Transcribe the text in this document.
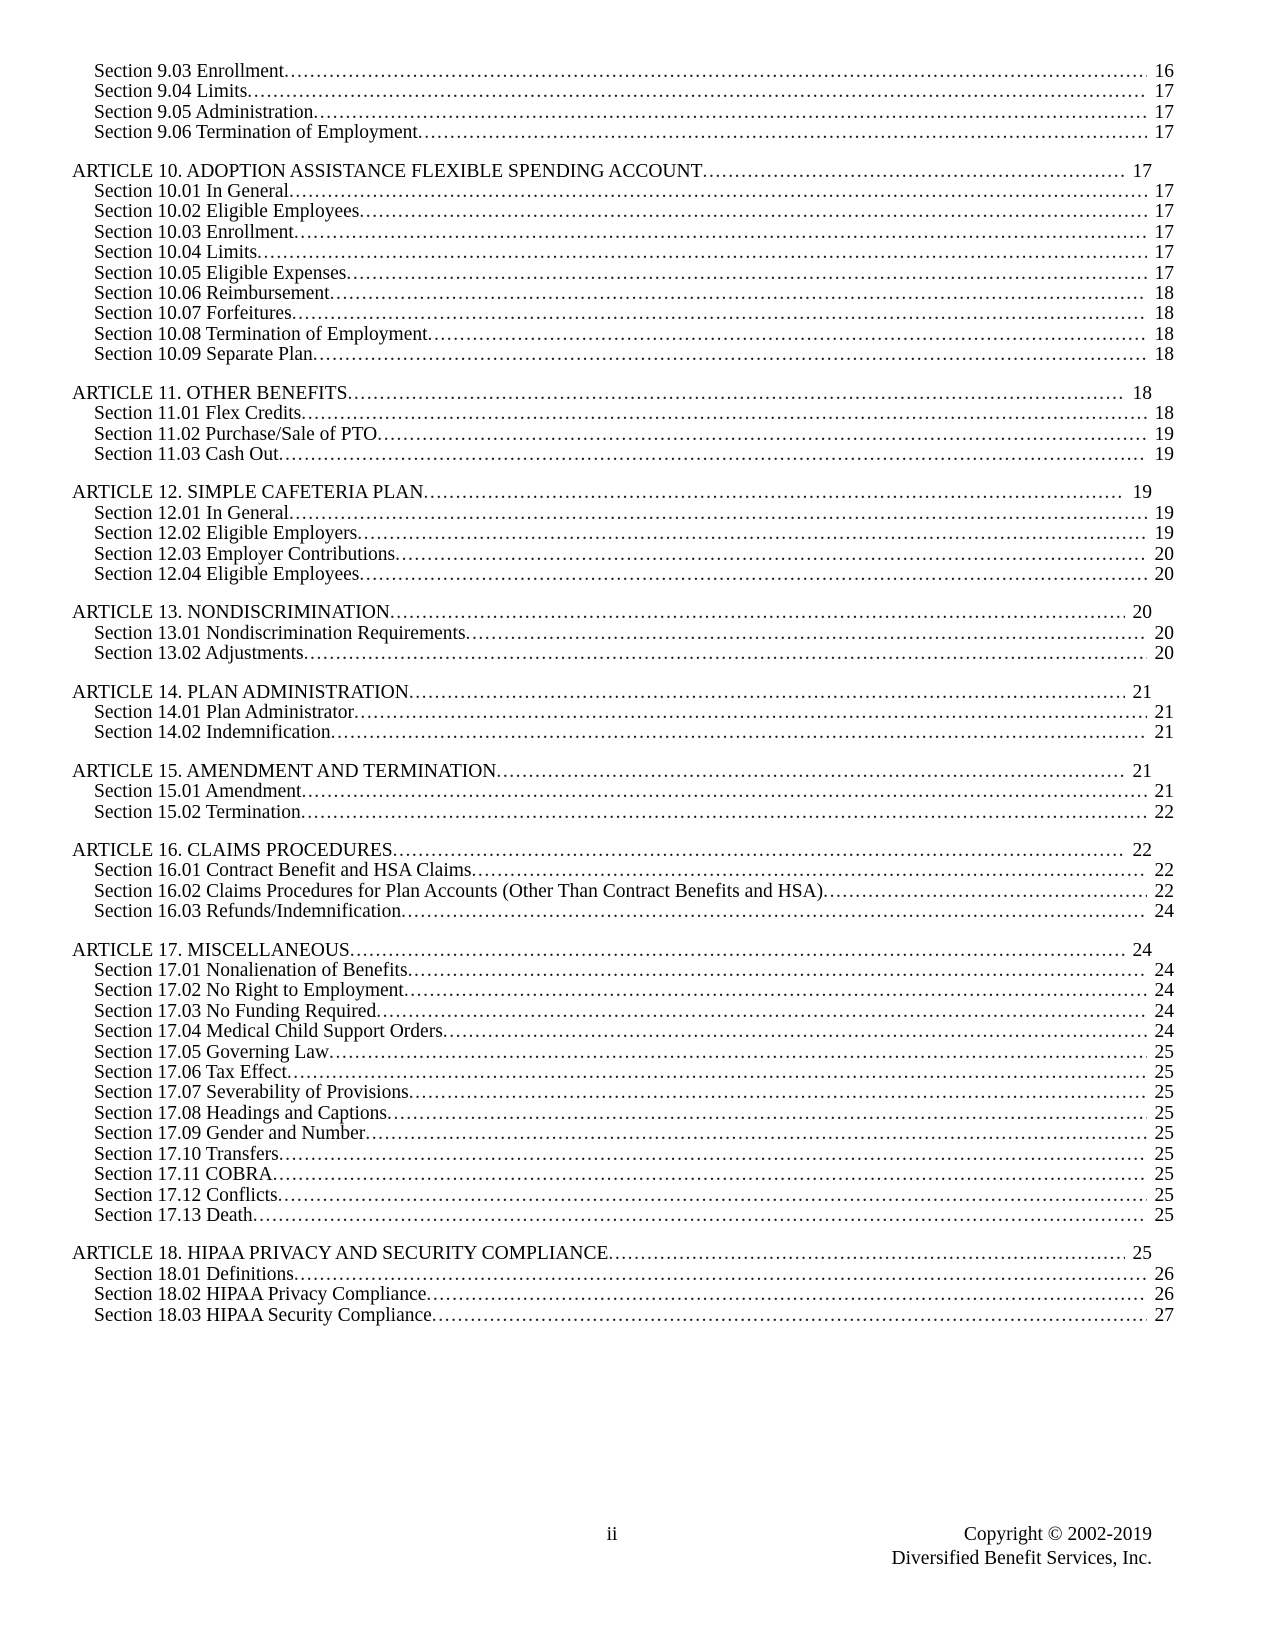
Section 9.03 Enrollment .....	16
Section 9.04 Limits .....	17
Section 9.05 Administration .....	17
Section 9.06 Termination of Employment .....	17
ARTICLE 10. ADOPTION ASSISTANCE FLEXIBLE SPENDING ACCOUNT .....	17
Section 10.01 In General .....	17
Section 10.02 Eligible Employees .....	17
Section 10.03 Enrollment .....	17
Section 10.04 Limits .....	17
Section 10.05 Eligible Expenses .....	17
Section 10.06 Reimbursement .....	18
Section 10.07 Forfeitures .....	18
Section 10.08 Termination of Employment .....	18
Section 10.09 Separate Plan .....	18
ARTICLE 11. OTHER BENEFITS .....	18
Section 11.01 Flex Credits .....	18
Section 11.02 Purchase/Sale of PTO .....	19
Section 11.03 Cash Out .....	19
ARTICLE 12. SIMPLE CAFETERIA PLAN .....	19
Section 12.01 In General .....	19
Section 12.02 Eligible Employers .....	19
Section 12.03 Employer Contributions .....	20
Section 12.04 Eligible Employees .....	20
ARTICLE 13. NONDISCRIMINATION .....	20
Section 13.01 Nondiscrimination Requirements .....	20
Section 13.02 Adjustments .....	20
ARTICLE 14. PLAN ADMINISTRATION .....	21
Section 14.01 Plan Administrator .....	21
Section 14.02 Indemnification .....	21
ARTICLE 15. AMENDMENT AND TERMINATION .....	21
Section 15.01 Amendment .....	21
Section 15.02 Termination .....	22
ARTICLE 16. CLAIMS PROCEDURES .....	22
Section 16.01 Contract Benefit and HSA Claims .....	22
Section 16.02 Claims Procedures for Plan Accounts (Other Than Contract Benefits and HSA) .....	22
Section 16.03 Refunds/Indemnification .....	24
ARTICLE 17. MISCELLANEOUS .....	24
Section 17.01 Nonalienation of Benefits .....	24
Section 17.02 No Right to Employment .....	24
Section 17.03 No Funding Required .....	24
Section 17.04 Medical Child Support Orders .....	24
Section 17.05 Governing Law .....	25
Section 17.06 Tax Effect .....	25
Section 17.07 Severability of Provisions .....	25
Section 17.08 Headings and Captions .....	25
Section 17.09 Gender and Number .....	25
Section 17.10 Transfers .....	25
Section 17.11 COBRA .....	25
Section 17.12 Conflicts .....	25
Section 17.13 Death .....	25
ARTICLE 18. HIPAA PRIVACY AND SECURITY COMPLIANCE .....	25
Section 18.01 Definitions .....	26
Section 18.02 HIPAA Privacy Compliance .....	26
Section 18.03 HIPAA Security Compliance .....	27
ii	Copyright © 2002-2019
Diversified Benefit Services, Inc.
